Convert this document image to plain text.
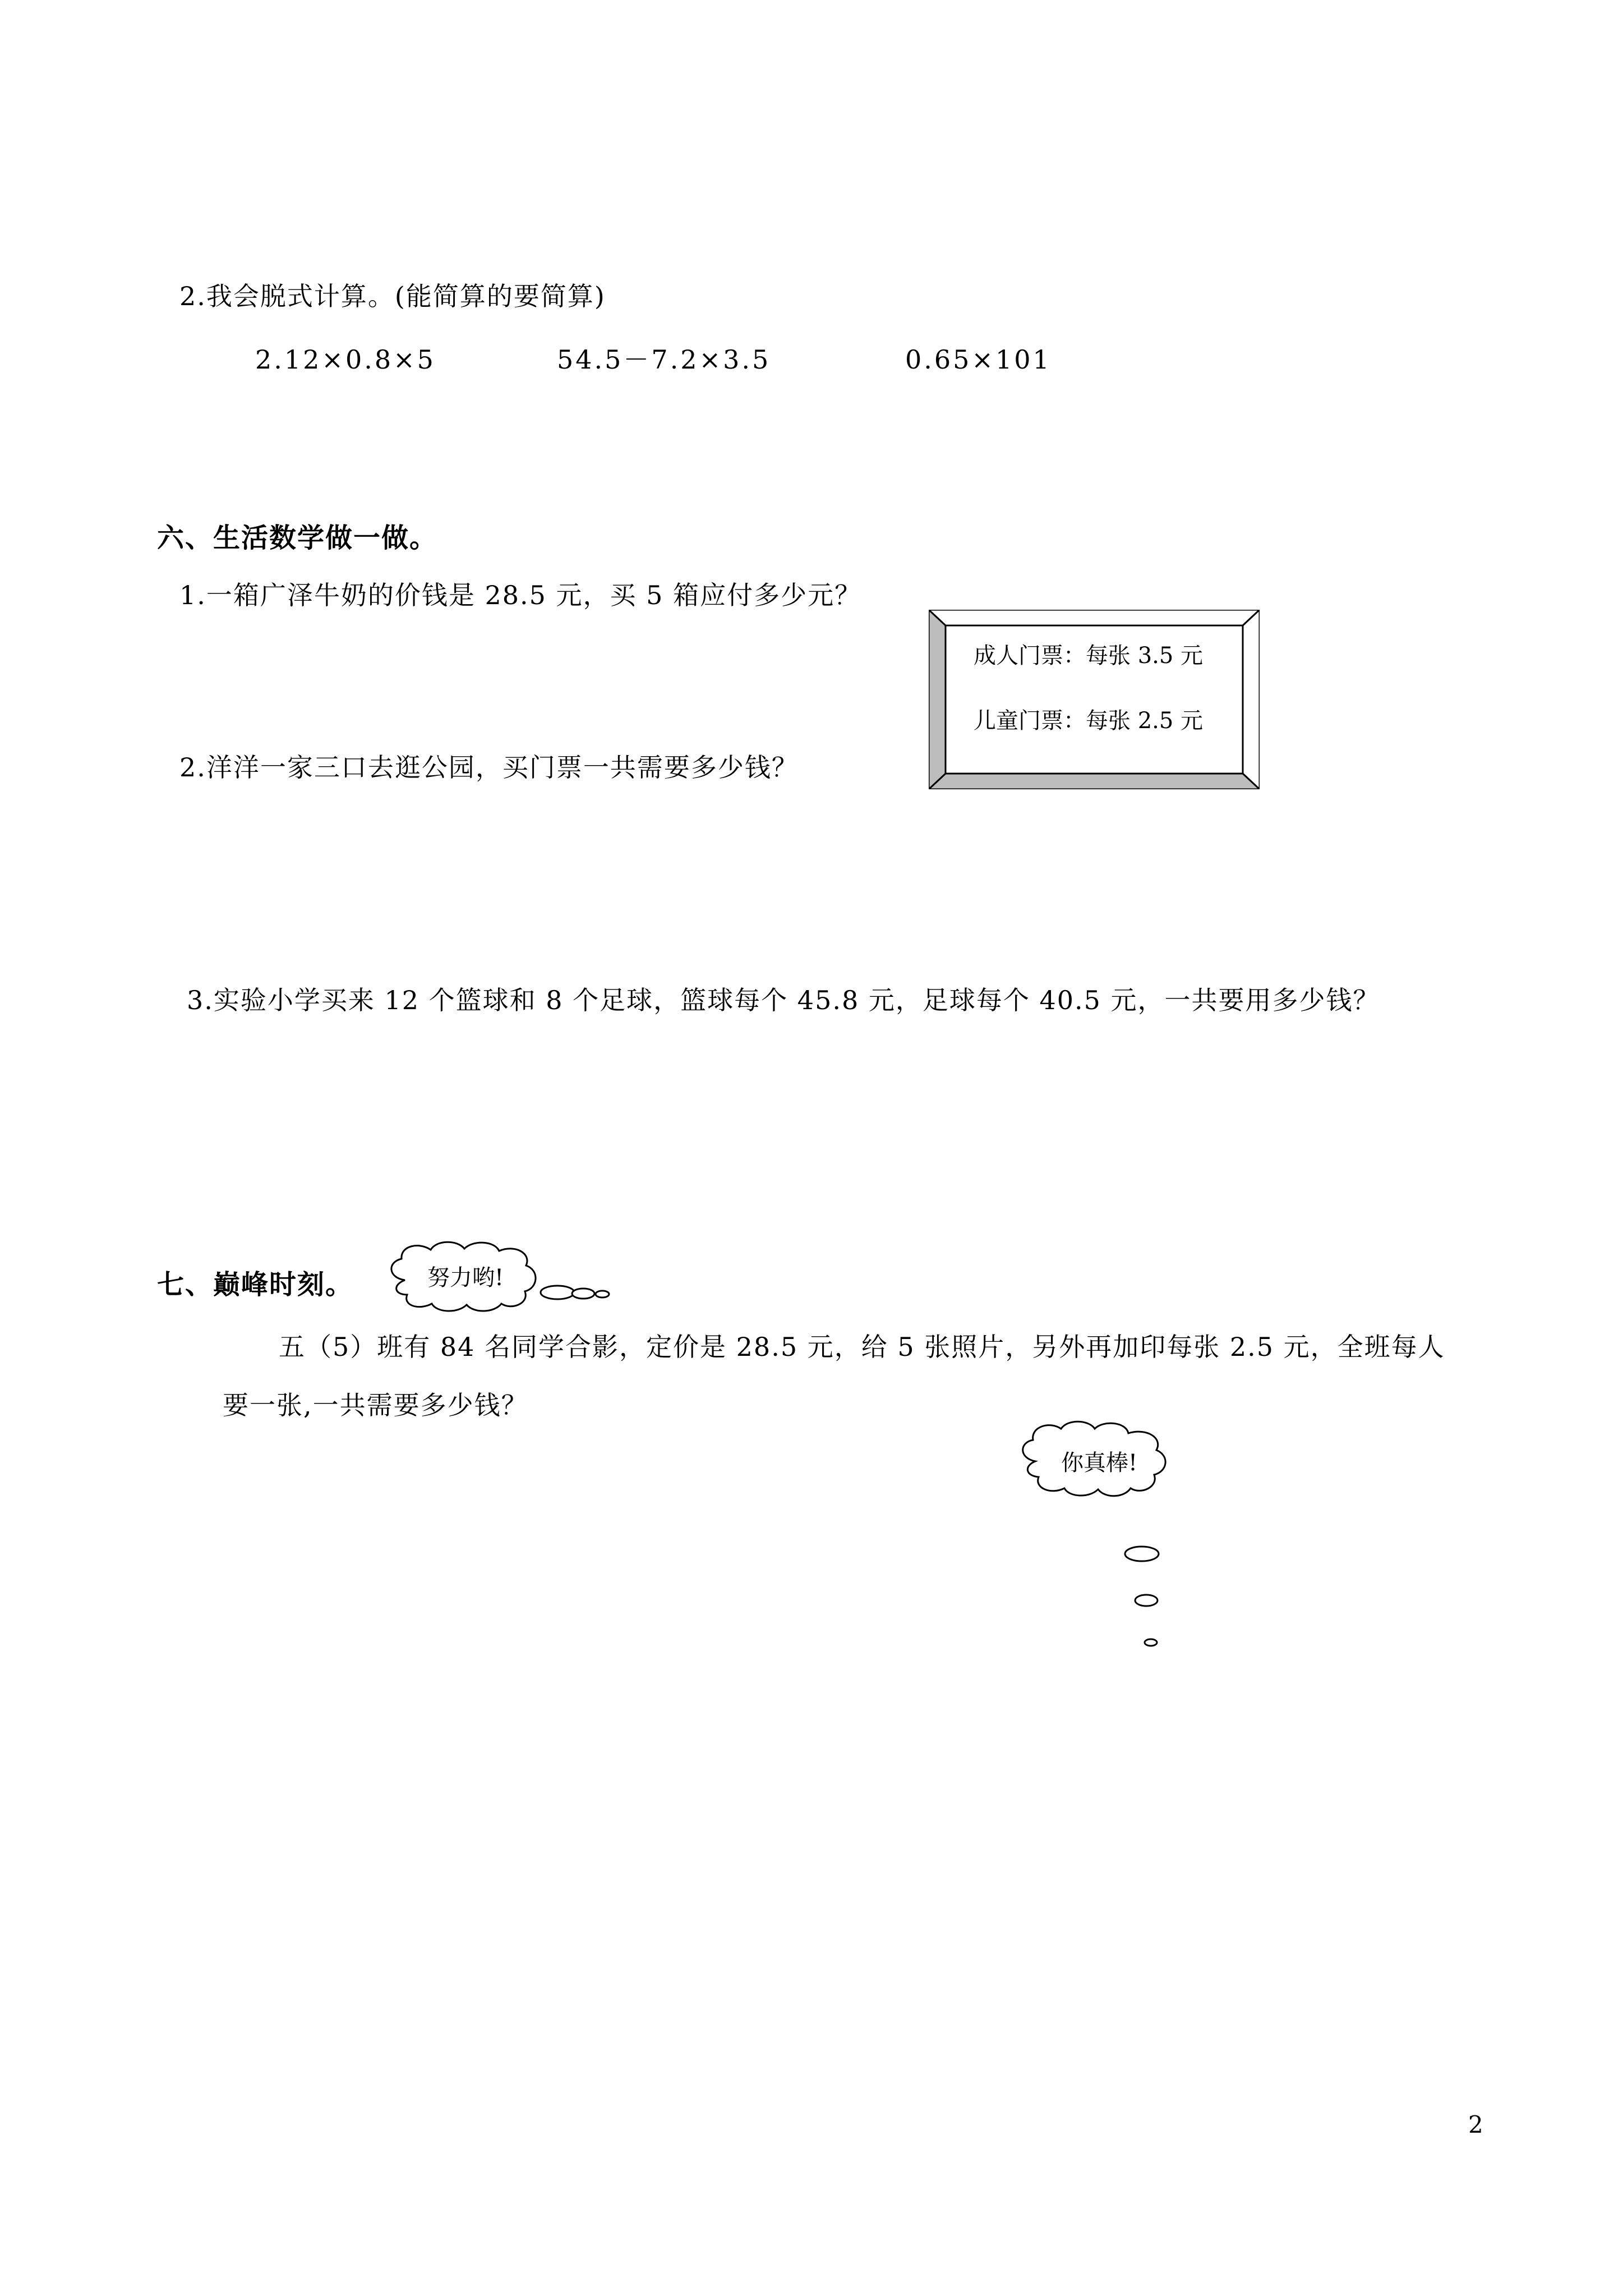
2.我会脱式计算。(能简算的要简算)
2.12×0.8×5	54.5－7.2×3.5	0.65×101
六、生活数学做一做。
1.一箱广泽牛奶的价钱是 28.5 元，买 5 箱应付多少元？
成人门票：每张 3.5 元
儿童门票：每张 2.5 元
2.洋洋一家三口去逛公园，买门票一共需要多少钱？
3.实验小学买来 12 个篮球和 8 个足球，篮球每个 45.8 元，足球每个 40.5 元，一共要用多少钱？
七、巅峰时刻。	努力哟!
五（5）班有 84 名同学合影，定价是 28.5 元，给 5 张照片，另外再加印每张 2.5 元，全班每人
要一张,一共需要多少钱？
你真棒!
2
